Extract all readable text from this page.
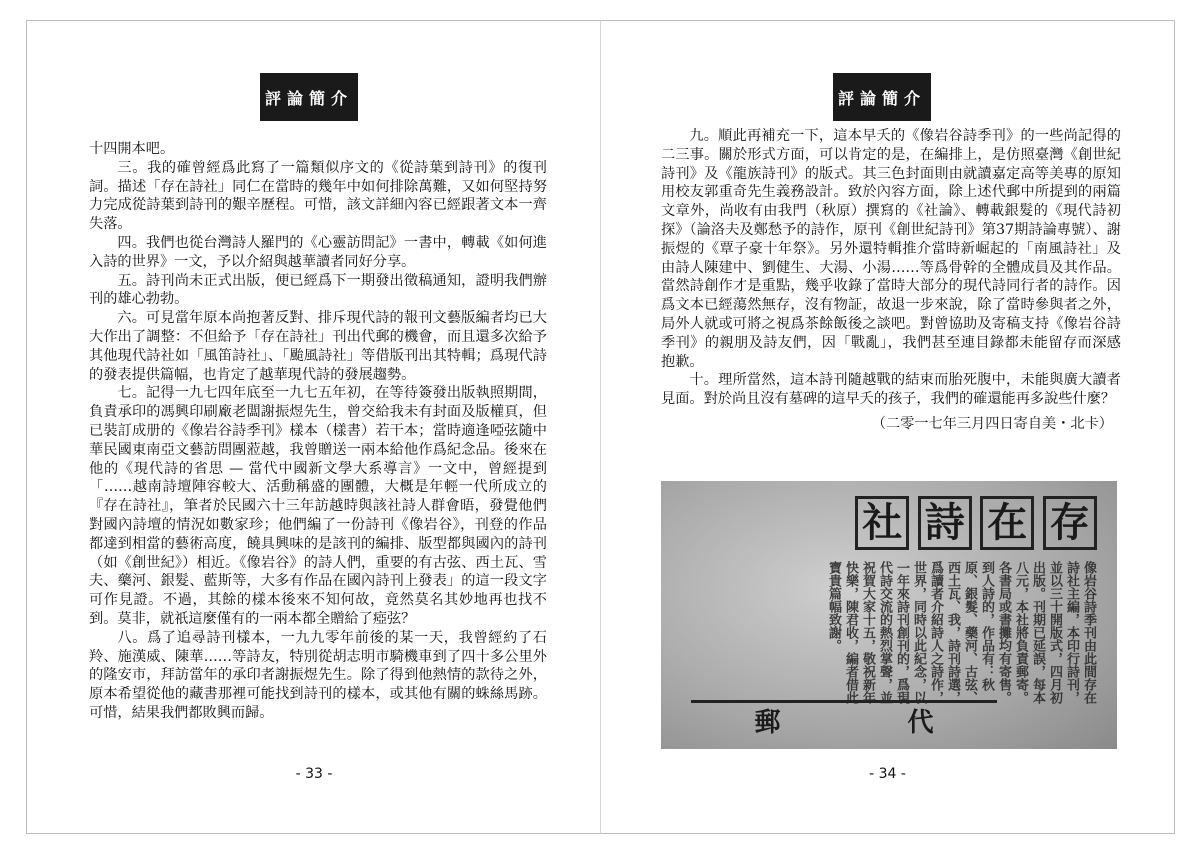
評論簡介

十四開本吧。

三。我的確曾經爲此寫了一篇類似序文的《從詩葉到詩刊》的復刊詞。描述「存在詩社」同仁在當時的幾年中如何排除萬難，又如何堅持努力完成從詩葉到詩刊的艱辛歷程。可惜，該文詳細內容已經跟著文本一齊失落。

四。我們也從台灣詩人羅門的《心靈訪問記》一書中，轉載《如何進入詩的世界》一文，予以介紹與越華讀者同好分享。

五。詩刊尚未正式出版，便已經爲下一期發出徵稿通知，證明我們辦刊的雄心勃勃。

六。可見當年原本尚抱著反對、排斥現代詩的報刊文藝版編者均已大大作出了調整：不但給予「存在詩社」刊出代郵的機會，而且還多次給予其他現代詩社如「風笛詩社」、「颱風詩社」等借版刊出其特輯；爲現代詩的發表提供篇幅，也肯定了越華現代詩的發展趨勢。

七。記得一九七四年底至一九七五年初，在等待簽發出版執照期間，負責承印的馮興印刷廠老闆謝振煜先生，曾交給我未有封面及版權頁，但已裝訂成册的《像岩谷詩季刊》樣本（樣書）若干本；當時適逢啞弦隨中華民國東南亞文藝訪問團蒞越，我曾贈送一兩本給他作爲紀念品。後來在他的《現代詩的省思 — 當代中國新文學大系導言》一文中，曾經提到「……越南詩壇陣容較大、活動稱盛的團體，大概是年輕一代所成立的『存在詩社』，筆者於民國六十三年訪越時與該社詩人群會晤，發覺他們對國內詩壇的情況如數家珍；他們編了一份詩刊《像岩谷》，刊登的作品都達到相當的藝術高度，饒具興味的是該刊的編排、版型都與國內的詩刊（如《創世紀》）相近。《像岩谷》的詩人們，重要的有古弦、西土瓦、雪夫、藥河、銀髮、藍斯等，大多有作品在國內詩刊上發表」的這一段文字可作見證。不過，其餘的樣本後來不知何故，竟然莫名其妙地再也找不到。莫非，就祇這麼僅有的一兩本都全贈給了瘂弦？

八。爲了追尋詩刊樣本，一九九零年前後的某一天，我曾經約了石羚、施漢威、陳華……等詩友，特別從胡志明市騎機車到了四十多公里外的隆安市，拜訪當年的承印者謝振煜先生。除了得到他熱情的款待之外，原本希望從他的藏書那裡可能找到詩刊的樣本，或其他有關的蛛絲馬跡。可惜，結果我們都敗興而歸。

- 33 -
評論簡介

九。順此再補充一下，這本早夭的《像岩谷詩季刊》的一些尚記得的二三事。關於形式方面，可以肯定的是，在編排上，是仿照臺灣《創世紀詩刊》及《龍族詩刊》的版式。其三色封面則由就讀嘉定高等美專的原知用校友郭重奇先生義務設計。致於內容方面，除上述代郵中所提到的兩篇文章外，尚收有由我門（秋原）撰寫的《社論》、轉載銀髮的《現代詩初探》（論洛夫及鄭愁予的詩作，原刊《創世紀詩刊》第37期詩論專號）、謝振煜的《覃子豪十年祭》。另外還特輯推介當時新崛起的「南風詩社」及由詩人陳建中、劉健生、大湯、小湯……等爲骨幹的全體成員及其作品。當然詩創作才是重點，幾乎收錄了當時大部分的現代詩同行者的詩作。因爲文本已經蕩然無存，沒有物証，故退一步來說，除了當時參與者之外，局外人就或可將之視爲茶餘飯後之談吧。對曾協助及寄稿支持《像岩谷詩季刊》的親朋及詩友們，因「戰亂」，我們甚至連目錄都未能留存而深感抱歉。

十。理所當然，這本詩刊隨越戰的結束而胎死腹中，未能與廣大讀者見面。對於尚且沒有墓碑的這早夭的孩子，我們的確還能再多說些什麼？

（二零一七年三月四日寄自美・北卡）

社 詩 在 存
像岩谷詩季刊由此間存在詩社主編，本印行詩刊，並以三十開版式，四月初出版。刊期已延誤，每本八元，本社將負責郵寄。各書局或書攤均有寄售。到人詩的，作品有：秋原、銀髮、藥河、古弦、西土瓦、我，詩刊詩選，爲讀者介紹詩人之詩作，世界，同時以此紀念，以一年來詩刊創刊的，爲現代詩交流的熱烈掌聲，並祝賀大家十五，敬祝新年快樂，陳君收，編者借此寶貴篇幅致謝。
郵	代
- 34 -
